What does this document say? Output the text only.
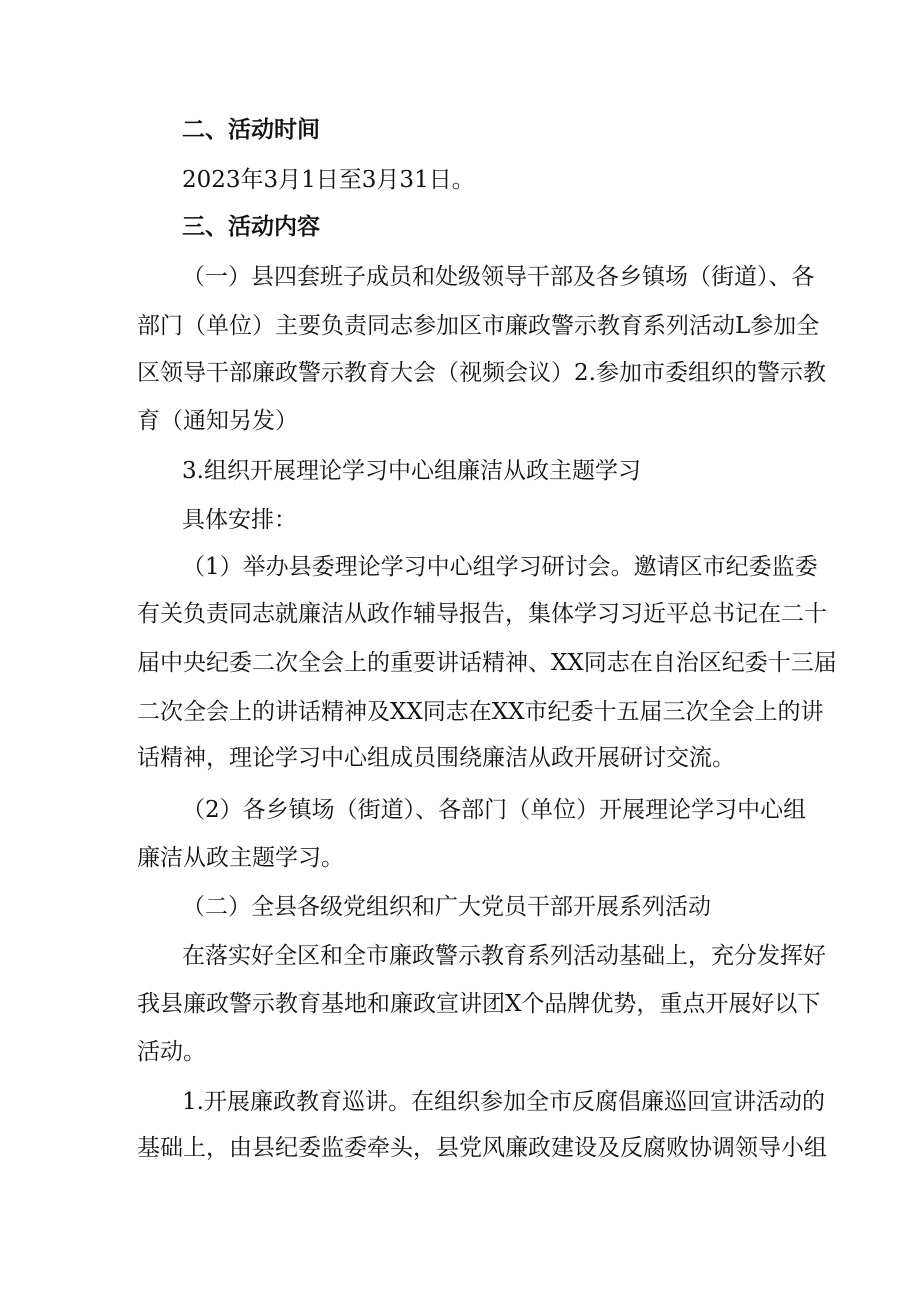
二、活动时间
2023年3月1日至3月31日。
三、活动内容
（一）县四套班子成员和处级领导干部及各乡镇场（街道）、各
部门（单位）主要负责同志参加区市廉政警示教育系列活动L参加全
区领导干部廉政警示教育大会（视频会议）2.参加市委组织的警示教
育（通知另发）
3.组织开展理论学习中心组廉洁从政主题学习
具体安排：
（1）举办县委理论学习中心组学习研讨会。邀请区市纪委监委
有关负责同志就廉洁从政作辅导报告，集体学习习近平总书记在二十
届中央纪委二次全会上的重要讲话精神、XX同志在自治区纪委十三届
二次全会上的讲话精神及XX同志在XX市纪委十五届三次全会上的讲
话精神，理论学习中心组成员围绕廉洁从政开展研讨交流。
（2）各乡镇场（街道）、各部门（单位）开展理论学习中心组
廉洁从政主题学习。
（二）全县各级党组织和广大党员干部开展系列活动
在落实好全区和全市廉政警示教育系列活动基础上，充分发挥好
我县廉政警示教育基地和廉政宣讲团X个品牌优势，重点开展好以下
活动。
1.开展廉政教育巡讲。在组织参加全市反腐倡廉巡回宣讲活动的
基础上，由县纪委监委牵头，县党风廉政建设及反腐败协调领导小组
